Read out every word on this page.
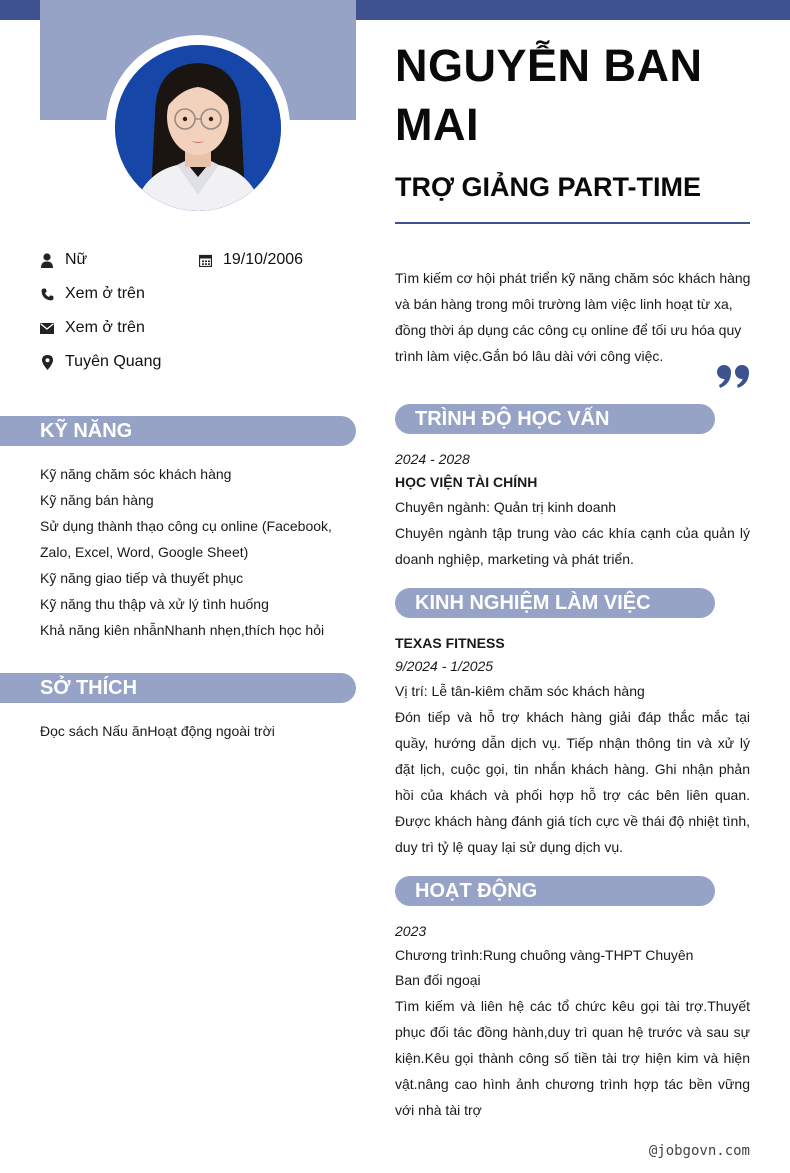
Nữ	19/10/2006
Xem ở trên
Xem ở trên
Tuyên Quang
KỸ NĂNG
Kỹ năng chăm sóc khách hàng
Kỹ năng bán hàng
Sử dụng thành thạo công cụ online (Facebook, Zalo, Excel, Word, Google Sheet)
Kỹ năng giao tiếp và thuyết phục
Kỹ năng thu thập và xử lý tình huống
Khả năng kiên nhẫnNhanh nhẹn,thích học hỏi
SỞ THÍCH
Đọc sách Nấu ănHoạt động ngoài trời
NGUYỄN BAN MAI
TRỢ GIẢNG PART-TIME
Tìm kiếm cơ hội phát triển kỹ năng chăm sóc khách hàng và bán hàng trong môi trường làm việc linh hoạt từ xa, đồng thời áp dụng các công cụ online để tối ưu hóa quy trình làm việc.Gắn bó lâu dài với công việc.
TRÌNH ĐỘ HỌC VẤN
2024 - 2028
HỌC VIỆN TÀI CHÍNH
Chuyên ngành: Quản trị kinh doanh
Chuyên ngành tập trung vào các khía cạnh của quản lý doanh nghiệp, marketing và phát triển.
KINH NGHIỆM LÀM VIỆC
TEXAS FITNESS
9/2024 - 1/2025
Vị trí: Lễ tân-kiêm chăm sóc khách hàng
Đón tiếp và hỗ trợ khách hàng giải đáp thắc mắc tại quầy, hướng dẫn dịch vụ. Tiếp nhận thông tin và xử lý đặt lịch, cuộc gọi, tin nhắn khách hàng. Ghi nhận phản hồi của khách và phối hợp hỗ trợ các bên liên quan. Được khách hàng đánh giá tích cực về thái độ nhiệt tình, duy trì tỷ lệ quay lại sử dụng dịch vụ.
HOẠT ĐỘNG
2023
Chương trình:Rung chuông vàng-THPT Chuyên
Ban đối ngoại
Tìm kiếm và liên hệ các tổ chức kêu gọi tài trợ.Thuyết phục đối tác đồng hành,duy trì quan hệ trước và sau sự kiện.Kêu gọi thành công số tiền tài trợ hiện kim và hiện vật.nâng cao hình ảnh chương trình hợp tác bền vững với nhà tài trợ
@jobgovn.com
